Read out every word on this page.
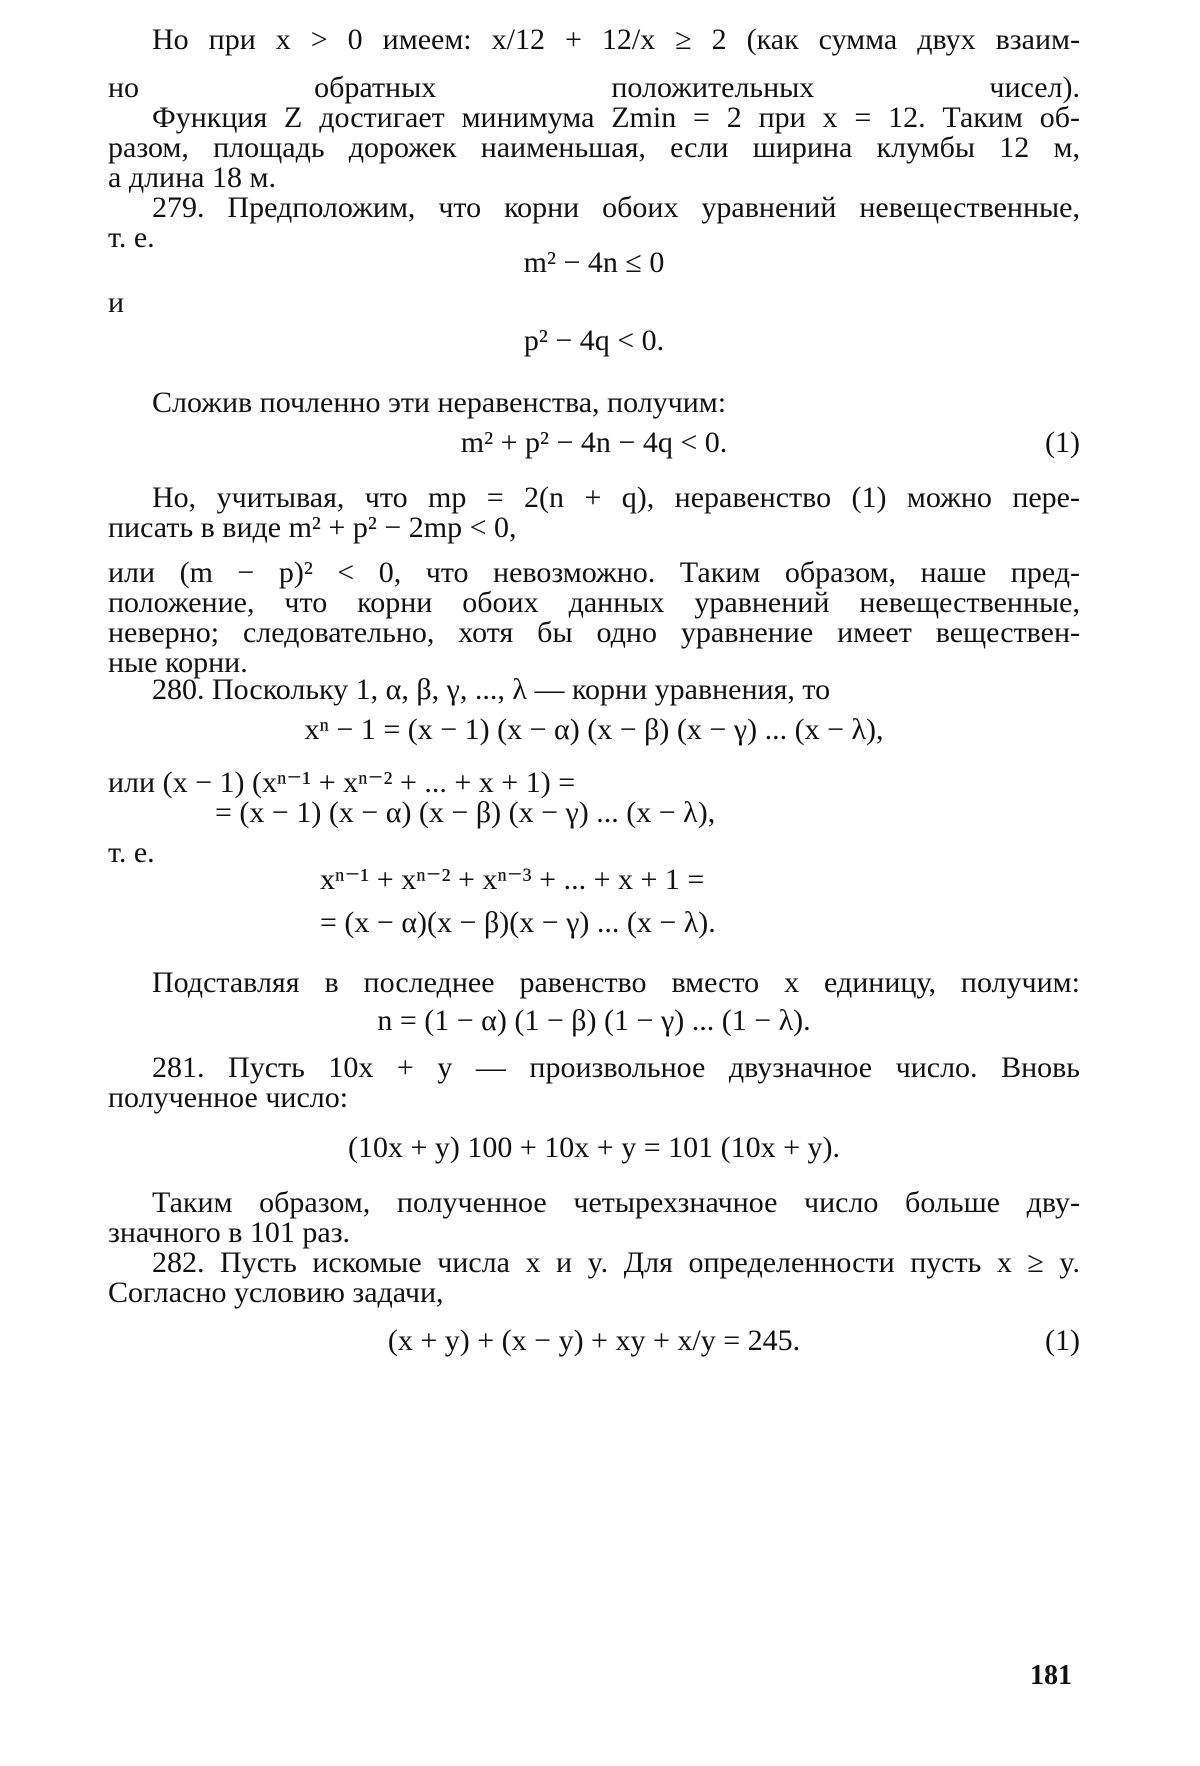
Но при x > 0 имеем: x/12 + 12/x ≥ 2 (как сумма двух взаим-
но обратных положительных чисел).
Функция Z достигает минимума Zmin = 2 при x = 12. Таким об-
разом, площадь дорожек наименьшая, если ширина клумбы 12 м,
а длина 18 м.
279. Предположим, что корни обоих уравнений невещественные,
т. е.
m² − 4n ≤ 0
и
p² − 4q < 0.
Сложив почленно эти неравенства, получим:
m² + p² − 4n − 4q < 0.	(1)
Но, учитывая, что mp = 2(n + q), неравенство (1) можно пере-
писать в виде m² + p² − 2mp < 0,
или (m − p)² < 0, что невозможно. Таким образом, наше пред-
положение, что корни обоих данных уравнений невещественные,
неверно; следовательно, хотя бы одно уравнение имеет веществен-
ные корни.
280. Поскольку 1, α, β, γ, ..., λ — корни уравнения, то
xⁿ − 1 = (x − 1) (x − α) (x − β) (x − γ) ... (x − λ),
или (x − 1) (xⁿ⁻¹ + xⁿ⁻² + ... + x + 1) =
= (x − 1) (x − α) (x − β) (x − γ) ... (x − λ),
т. е.
xⁿ⁻¹ + xⁿ⁻² + xⁿ⁻³ + ... + x + 1 =
= (x − α)(x − β)(x − γ) ... (x − λ).
Подставляя в последнее равенство вместо x единицу, получим:
n = (1 − α) (1 − β) (1 − γ) ... (1 − λ).
281. Пусть 10x + y — произвольное двузначное число. Вновь
полученное число:
(10x + y) 100 + 10x + y = 101 (10x + y).
Таким образом, полученное четырехзначное число больше дву-
значного в 101 раз.
282. Пусть искомые числа x и y. Для определенности пусть x ≥ y.
Согласно условию задачи,
(x + y) + (x − y) + xy + x/y = 245.	(1)
181
